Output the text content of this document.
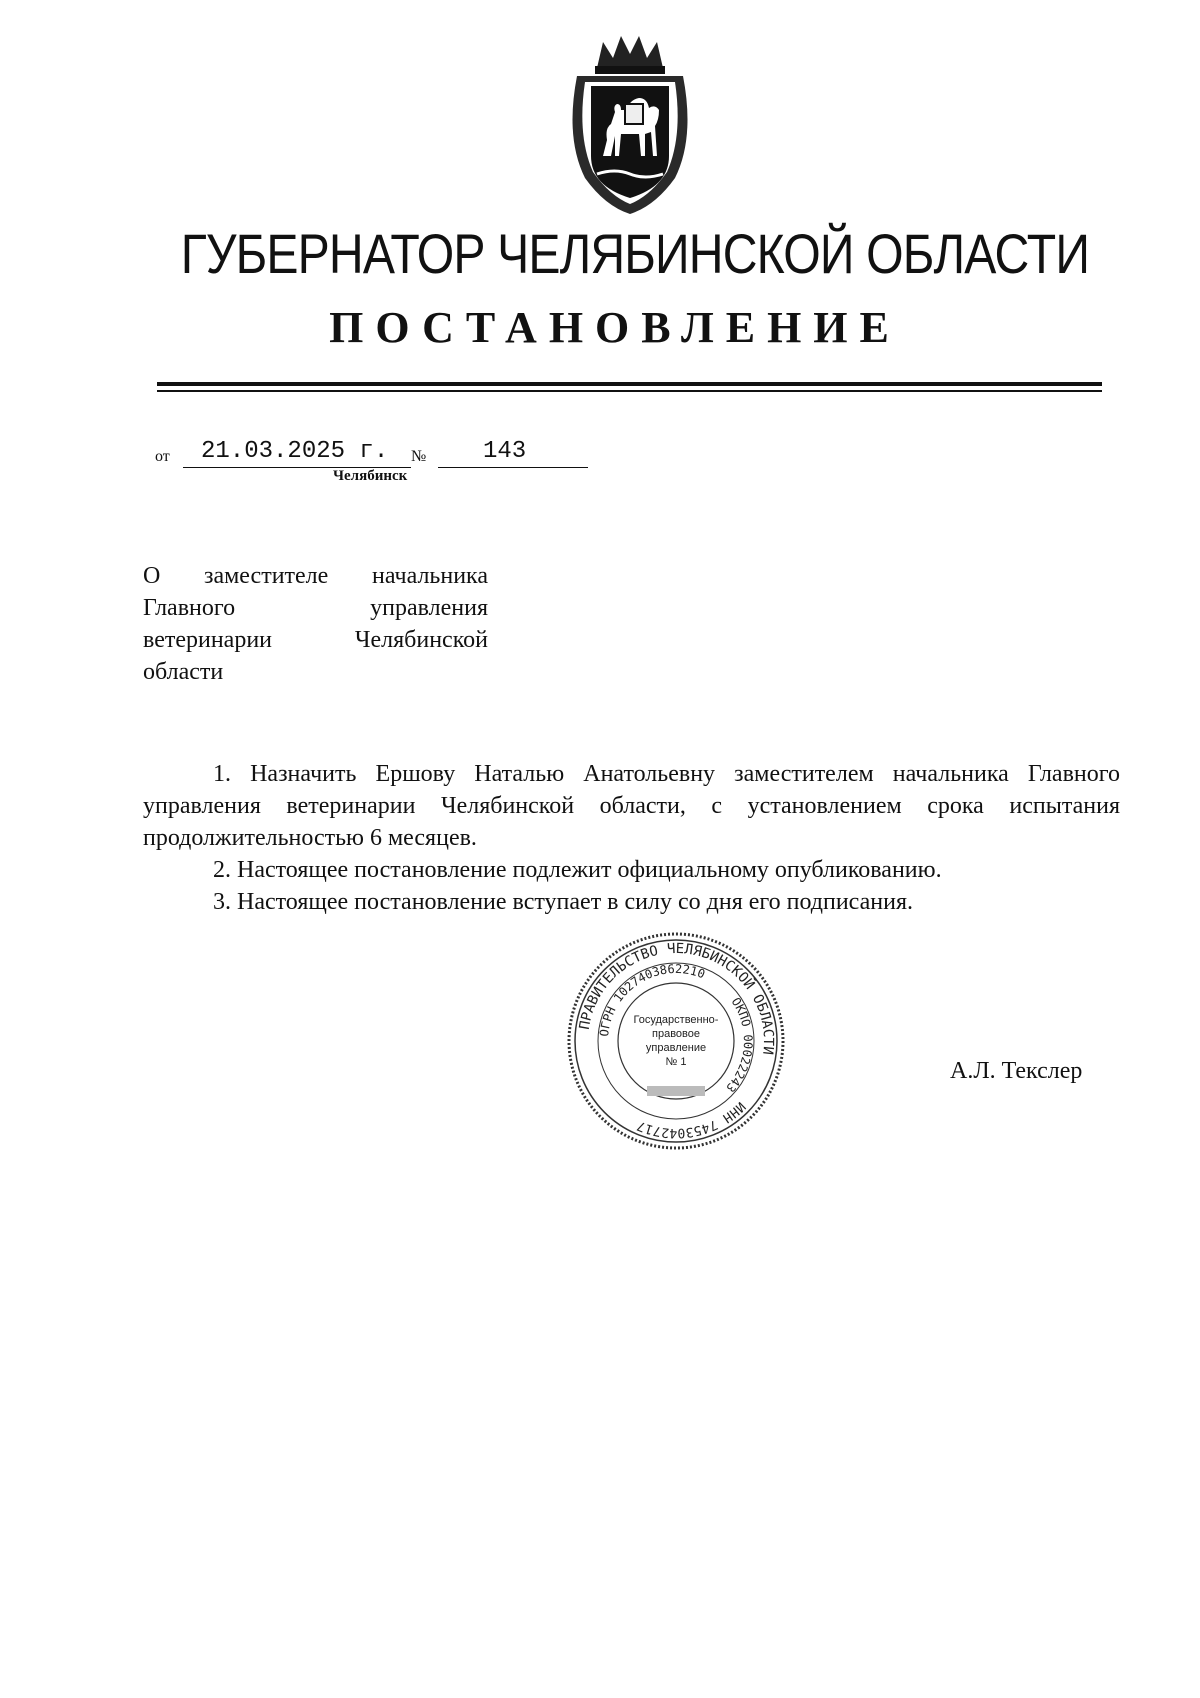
ГУБЕРНАТОР ЧЕЛЯБИНСКОЙ ОБЛАСТИ
ПОСТАНОВЛЕНИЕ
от 21.03.2025 г. № 143
Челябинск
О заместителе начальника
Главного управления
ветеринарии Челябинской
области

1. Назначить Ершову Наталью Анатольевну заместителем начальника Главного управления ветеринарии Челябинской области, с установлением срока испытания продолжительностью 6 месяцев.

2. Настоящее постановление подлежит официальному опубликованию.

3. Настоящее постановление вступает в силу со дня его подписания.

ПРАВИТЕЛЬСТВО ЧЕЛЯБИНСКОЙ ОБЛАСТИ
ОГРН 1027403862210
ОКПО 00022243
ИНН 7453042717
Государственно-
правовое
управление
№ 1	А.Л. Текслер
